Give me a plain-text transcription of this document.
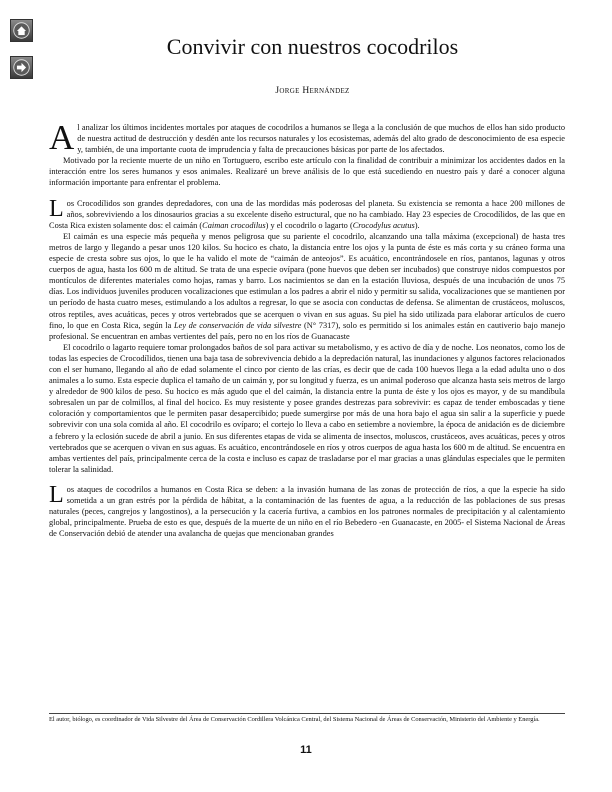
Convivir con nuestros cocodrilos
Jorge Hernández

Al analizar los últimos incidentes mortales por ataques de cocodrilos a humanos se llega a la conclusión de que muchos de ellos han sido producto de nuestra actitud de destrucción y desdén ante los recursos naturales y los ecosistemas, además del alto grado de desconocimiento de esa especie y, también, de una importante cuota de imprudencia y falta de precauciones básicas por parte de los afectados.

Motivado por la reciente muerte de un niño en Tortuguero, escribo este artículo con la finalidad de contribuir a minimizar los accidentes dados en la interacción entre los seres humanos y esos animales. Realizaré un breve análisis de lo que está sucediendo en nuestro país y daré a conocer alguna información importante para enfrentar el problema.

Los Crocodílidos son grandes depredadores, con una de las mordidas más poderosas del planeta. Su existencia se remonta a hace 200 millones de años, sobreviviendo a los dinosaurios gracias a su excelente diseño estructural, que no ha cambiado. Hay 23 especies de Crocodílidos, de las que en Costa Rica existen solamente dos: el caimán (Caiman crocodilus) y el cocodrilo o lagarto (Crocodylus acutus).

El caimán es una especie más pequeña y menos peligrosa que su pariente el cocodrilo, alcanzando una talla máxima (excepcional) de hasta tres metros de largo y llegando a pesar unos 120 kilos. Su hocico es chato, la distancia entre los ojos y la punta de éste es más corta y su cráneo forma una especie de cresta sobre sus ojos, lo que le ha valido el mote de “caimán de anteojos”. Es acuático, encontrándosele en ríos, pantanos, lagunas y otros cuerpos de agua, hasta los 600 m de altitud. Se trata de una especie ovípara (pone huevos que deben ser incubados) que construye nidos compuestos por montículos de diferentes materiales como hojas, ramas y barro. Los nacimientos se dan en la estación lluviosa, después de una incubación de unos 75 días. Los individuos juveniles producen vocalizaciones que estimulan a los padres a abrir el nido y permitir su salida, vocalizaciones que se mantienen por un período de hasta cuatro meses, estimulando a los adultos a regresar, lo que se asocia con conductas de defensa. Se alimentan de crustáceos, moluscos, otros reptiles, aves acuáticas, peces y otros vertebrados que se acerquen o vivan en sus aguas. Su piel ha sido utilizada para elaborar artículos de cuero fino, lo que en Costa Rica, según la Ley de conservación de vida silvestre (N° 7317), solo es permitido si los animales están en cautiverio bajo manejo profesional. Se encuentran en ambas vertientes del país, pero no en los ríos de Guanacaste

El cocodrilo o lagarto requiere tomar prolongados baños de sol para activar su metabolismo, y es activo de día y de noche. Los neonatos, como los de todas las especies de Crocodílidos, tienen una baja tasa de sobrevivencia debido a la depredación natural, las inundaciones y algunos factores relacionados con el ser humano, llegando al año de edad solamente el cinco por ciento de las crías, es decir que de cada 100 huevos llega a la edad adulta uno o dos animales a lo sumo. Esta especie duplica el tamaño de un caimán y, por su longitud y fuerza, es un animal poderoso que alcanza hasta seis metros de largo y alrededor de 900 kilos de peso. Su hocico es más agudo que el del caimán, la distancia entre la punta de éste y los ojos es mayor, y de su mandíbula sobresalen un par de colmillos, al final del hocico. Es muy resistente y posee grandes destrezas para sobrevivir: es capaz de tender emboscadas y tiene coloración y comportamientos que le permiten pasar desapercibido; puede sumergirse por más de una hora bajo el agua sin salir a la superficie y puede sobrevivir con una sola comida al año. El cocodrilo es ovíparo; el cortejo lo lleva a cabo en setiembre a noviembre, la época de anidación es de diciembre a febrero y la eclosión sucede de abril a junio. En sus diferentes etapas de vida se alimenta de insectos, moluscos, crustáceos, aves acuáticas, peces y otros vertebrados que se acerquen o vivan en sus aguas. Es acuático, encontrándosele en ríos y otros cuerpos de agua hasta los 600 m de altitud. Se encuentra en ambas vertientes del país, principalmente cerca de la costa e incluso es capaz de trasladarse por el mar gracias a unas glándulas especiales que le permiten tolerar la salinidad.

Los ataques de cocodrilos a humanos en Costa Rica se deben: a la invasión humana de las zonas de protección de ríos, a que la especie ha sido sometida a un gran estrés por la pérdida de hábitat, a la contaminación de las fuentes de agua, a la reducción de las poblaciones de sus presas naturales (peces, cangrejos y langostinos), a la persecución y la cacería furtiva, a cambios en los patrones normales de precipitación y al calentamiento global, principalmente. Prueba de esto es que, después de la muerte de un niño en el río Bebedero -en Guanacaste, en 2005- el Sistema Nacional de Áreas de Conservación debió de atender una avalancha de quejas que mencionaban grandes

El autor, biólogo, es coordinador de Vida Silvestre del Área de Conservación Cordillera Volcánica Central, del Sistema Nacional de Áreas de Conservación, Ministerio del Ambiente y Energía.
11
